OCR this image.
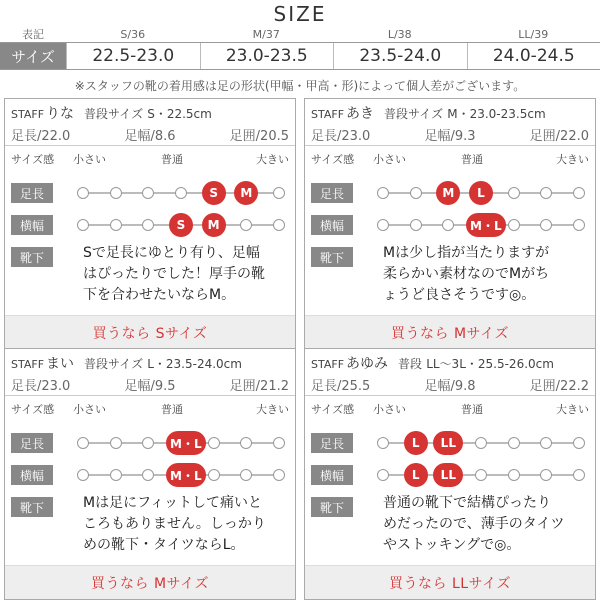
SIZE
表記	S/36	M/37	L/38	LL/39
サイズ	22.5-23.0	23.0-23.5	23.5-24.0	24.0-24.5
※スタッフの靴の着用感は足の形状(甲幅・甲高・形)によって個人差がございます。
STAFF りな 普段サイズ S・22.5cm
足長/22.0	足幅/8.6	足囲/20.5
サイズ感 小さい	普通	大きい
足長	S	M
横幅	S	M
靴下	Sで足長にゆとり有り、足幅
はぴったりでした！厚手の靴
下を合わせたいならM。
買うなら Sサイズ
STAFF あき 普段サイズ M・23.0-23.5cm
足長/23.0	足幅/9.3	足囲/22.0
サイズ感 小さい	普通	大きい
足長	M	L
横幅	M・L
靴下	Mは少し指が当たりますが
柔らかい素材なのでMがち
ょうど良さそうです◎。
買うなら Mサイズ
STAFF まい 普段サイズ L・23.5-24.0cm
足長/23.0	足幅/9.5	足囲/21.2
サイズ感 小さい	普通	大きい
足長	M・L
横幅	M・L
靴下	Mは足にフィットして痛いと
ころもありません。しっかり
めの靴下・タイツならL。
買うなら Mサイズ
STAFF あゆみ 普段 LL〜3L・25.5-26.0cm
足長/25.5	足幅/9.8	足囲/22.2
サイズ感 小さい	普通	大きい
足長	L	LL
横幅	L	LL
靴下	普通の靴下で結構ぴったり
めだったので、薄手のタイツ
やストッキングで◎。
買うなら LLサイズ
